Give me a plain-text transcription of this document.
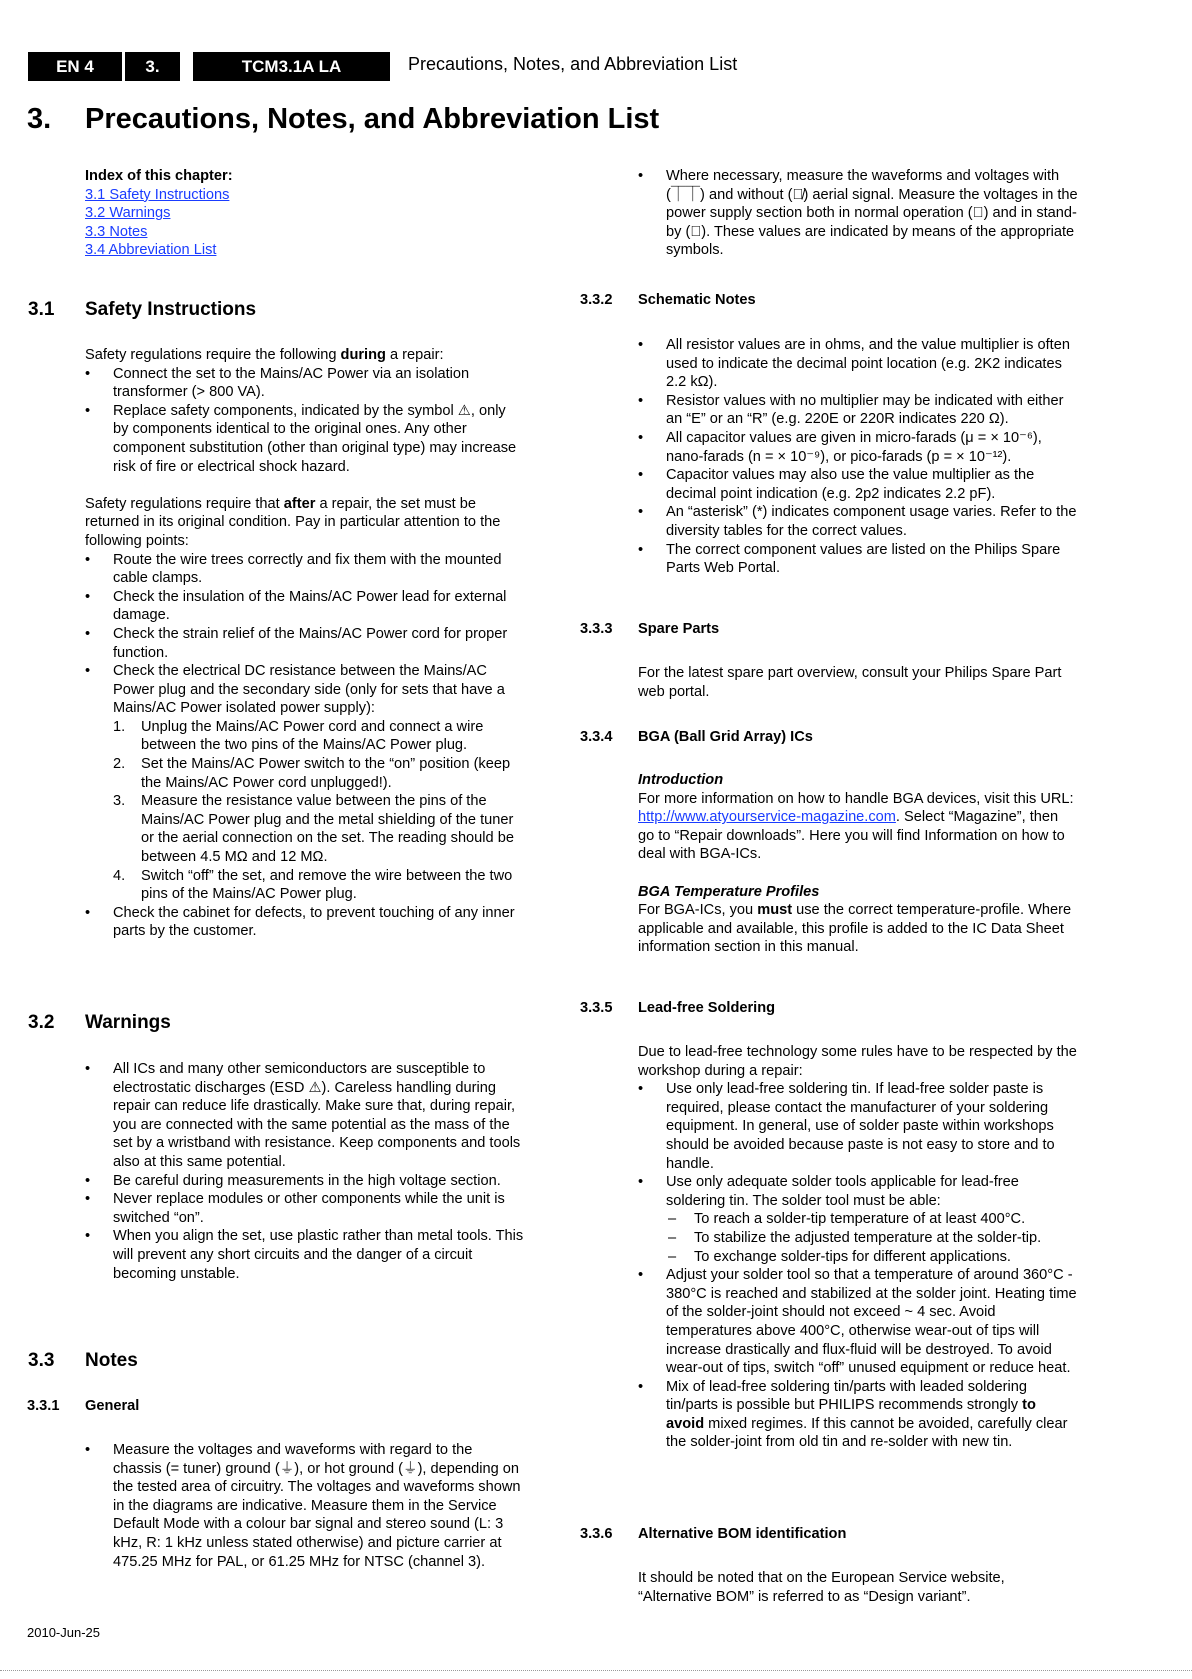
EN 4	3.	TCM3.1A LA	Precautions, Notes, and Abbreviation List
3. Precautions, Notes, and Abbreviation List
Index of this chapter:
3.1 Safety Instructions
3.2 Warnings
3.3 Notes
3.4 Abbreviation List
3.1 Safety Instructions
Safety regulations require the following during a repair:
• Connect the set to the Mains/AC Power via an isolation transformer (> 800 VA).
• Replace safety components, indicated by the symbol ⚠, only by components identical to the original ones. Any other component substitution (other than original type) may increase risk of fire or electrical shock hazard.
Safety regulations require that after a repair, the set must be returned in its original condition. Pay in particular attention to the following points:
• Route the wire trees correctly and fix them with the mounted cable clamps.
• Check the insulation of the Mains/AC Power lead for external damage.
• Check the strain relief of the Mains/AC Power cord for proper function.
• Check the electrical DC resistance between the Mains/AC Power plug and the secondary side (only for sets that have a Mains/AC Power isolated power supply):
1. Unplug the Mains/AC Power cord and connect a wire between the two pins of the Mains/AC Power plug.
2. Set the Mains/AC Power switch to the “on” position (keep the Mains/AC Power cord unplugged!).
3. Measure the resistance value between the pins of the Mains/AC Power plug and the metal shielding of the tuner or the aerial connection on the set. The reading should be between 4.5 MΩ and 12 MΩ.
4. Switch “off” the set, and remove the wire between the two pins of the Mains/AC Power plug.
• Check the cabinet for defects, to prevent touching of any inner parts by the customer.
3.2 Warnings
• All ICs and many other semiconductors are susceptible to electrostatic discharges (ESD ⚠). Careless handling during repair can reduce life drastically. Make sure that, during repair, you are connected with the same potential as the mass of the set by a wristband with resistance. Keep components and tools also at this same potential.
• Be careful during measurements in the high voltage section.
• Never replace modules or other components while the unit is switched “on”.
• When you align the set, use plastic rather than metal tools. This will prevent any short circuits and the danger of a circuit becoming unstable.
3.3 Notes
3.3.1 General
• Measure the voltages and waveforms with regard to the chassis (= tuner) ground (⏚), or hot ground (⏚), depending on the tested area of circuitry. The voltages and waveforms shown in the diagrams are indicative. Measure them in the Service Default Mode with a colour bar signal and stereo sound (L: 3 kHz, R: 1 kHz unless stated otherwise) and picture carrier at 475.25 MHz for PAL, or 61.25 MHz for NTSC (channel 3).
• Where necessary, measure the waveforms and voltages with (⏉⏉) and without (⏉̸) aerial signal. Measure the voltages in the power supply section both in normal operation (⏽) and in stand-by (⏻). These values are indicated by means of the appropriate symbols.
3.3.2 Schematic Notes
• All resistor values are in ohms, and the value multiplier is often used to indicate the decimal point location (e.g. 2K2 indicates 2.2 kΩ).
• Resistor values with no multiplier may be indicated with either an “E” or an “R” (e.g. 220E or 220R indicates 220 Ω).
• All capacitor values are given in micro-farads (μ = × 10⁻⁶), nano-farads (n = × 10⁻⁹), or pico-farads (p = × 10⁻¹²).
• Capacitor values may also use the value multiplier as the decimal point indication (e.g. 2p2 indicates 2.2 pF).
• An “asterisk” (*) indicates component usage varies. Refer to the diversity tables for the correct values.
• The correct component values are listed on the Philips Spare Parts Web Portal.
3.3.3 Spare Parts
For the latest spare part overview, consult your Philips Spare Part web portal.
3.3.4 BGA (Ball Grid Array) ICs
Introduction
For more information on how to handle BGA devices, visit this URL: http://www.atyourservice-magazine.com. Select “Magazine”, then go to “Repair downloads”. Here you will find Information on how to deal with BGA-ICs.
BGA Temperature Profiles
For BGA-ICs, you must use the correct temperature-profile. Where applicable and available, this profile is added to the IC Data Sheet information section in this manual.
3.3.5 Lead-free Soldering
Due to lead-free technology some rules have to be respected by the workshop during a repair:
• Use only lead-free soldering tin. If lead-free solder paste is required, please contact the manufacturer of your soldering equipment. In general, use of solder paste within workshops should be avoided because paste is not easy to store and to handle.
• Use only adequate solder tools applicable for lead-free soldering tin. The solder tool must be able:
– To reach a solder-tip temperature of at least 400°C.
– To stabilize the adjusted temperature at the solder-tip.
– To exchange solder-tips for different applications.
• Adjust your solder tool so that a temperature of around 360°C - 380°C is reached and stabilized at the solder joint. Heating time of the solder-joint should not exceed ~ 4 sec. Avoid temperatures above 400°C, otherwise wear-out of tips will increase drastically and flux-fluid will be destroyed. To avoid wear-out of tips, switch “off” unused equipment or reduce heat.
• Mix of lead-free soldering tin/parts with leaded soldering tin/parts is possible but PHILIPS recommends strongly to avoid mixed regimes. If this cannot be avoided, carefully clear the solder-joint from old tin and re-solder with new tin.
3.3.6 Alternative BOM identification
It should be noted that on the European Service website, “Alternative BOM” is referred to as “Design variant”.
2010-Jun-25
